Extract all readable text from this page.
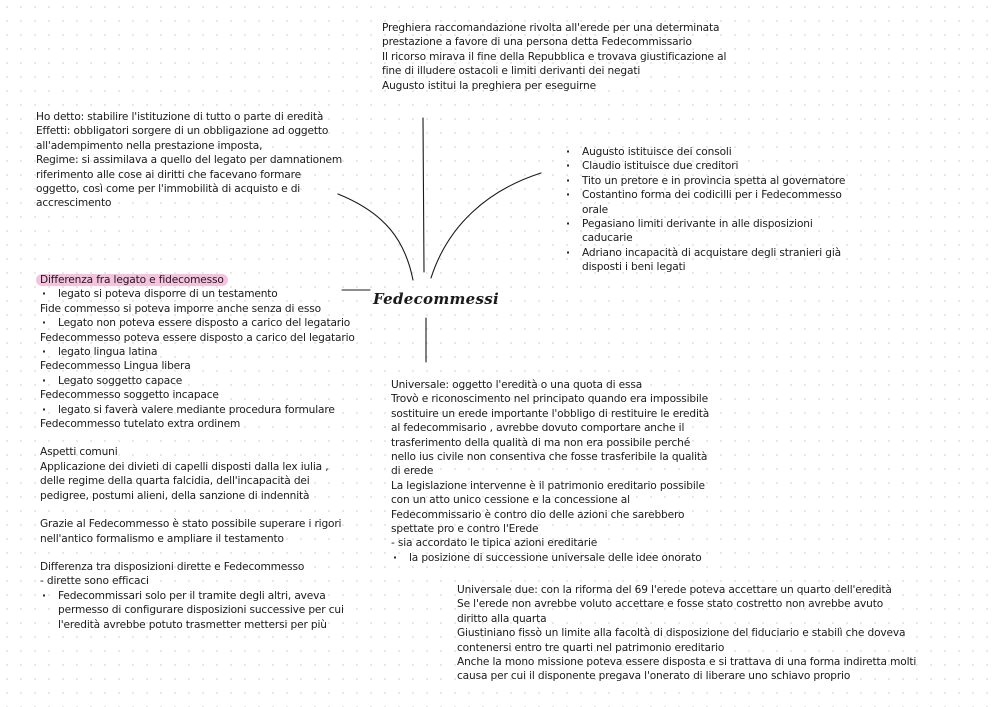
Fedecommessi
Preghiera raccomandazione rivolta all'erede per una determinata
prestazione a favore di una persona detta Fedecommissario
Il ricorso mirava il fine della Repubblica e trovava giustificazione al
fine di illudere ostacoli e limiti derivanti dei negati
Augusto istitui la preghiera per eseguirne
Ho detto: stabilire l'istituzione di tutto o parte di eredità
Effetti: obbligatori sorgere di un obbligazione ad oggetto
all'adempimento nella prestazione imposta,
Regime: si assimilava a quello del legato per damnationem
riferimento alle cose ai diritti che facevano formare
oggetto, così come per l'immobilità di acquisto e di
accrescimento
· Augusto istituisce dei consoli
· Claudio istituisce due creditori
· Tito un pretore e in provincia spetta al governatore
· Costantino forma dei codicilli per i Fedecommesso
orale
· Pegasiano limiti derivante in alle disposizioni
caducarie
· Adriano incapacità di acquistare degli stranieri già
disposti i beni legati
Differenza fra legato e fidecomesso
· legato si poteva disporre di un testamento
Fide commesso si poteva imporre anche senza di esso
· Legato non poteva essere disposto a carico del legatario
Fedecommesso poteva essere disposto a carico del legatario
· legato lingua latina
Fedecommesso Lingua libera
· Legato soggetto capace
Fedecommesso soggetto incapace
· legato si faverà valere mediante procedura formulare
Fedecommesso tutelato extra ordinem
Aspetti comuni
Applicazione dei divieti di capelli disposti dalla lex iulia ,
delle regime della quarta falcidia, dell'incapacità dei
pedigree, postumi alieni, della sanzione di indennità
Grazie al Fedecommesso è stato possibile superare i rigori
nell'antico formalismo e ampliare il testamento
Differenza tra disposizioni dirette e Fedecommesso
- dirette sono efficaci
· Fedecommissari solo per il tramite degli altri, aveva
permesso di configurare disposizioni successive per cui
l'eredità avrebbe potuto trasmetter mettersi per più
Universale: oggetto l'eredità o una quota di essa
Trovò e riconoscimento nel principato quando era impossibile
sostituire un erede importante l'obbligo di restituire le eredità
al fedecommisario , avrebbe dovuto comportare anche il
trasferimento della qualità di ma non era possibile perché
nello ius civile non consentiva che fosse trasferibile la qualità
di erede
La legislazione intervenne è il patrimonio ereditario possibile
con un atto unico cessione e la concessione al
Fedecommissario è contro dio delle azioni che sarebbero
spettate pro e contro l'Erede
- sia accordato le tipica azioni ereditarie
· la posizione di successione universale delle idee onorato
Universale due: con la riforma del 69 l'erede poteva accettare un quarto dell'eredità
Se l'erede non avrebbe voluto accettare e fosse stato costretto non avrebbe avuto
diritto alla quarta
Giustiniano fissò un limite alla facoltà di disposizione del fiduciario e stabilì che doveva
contenersi entro tre quarti nel patrimonio ereditario
Anche la mono missione poteva essere disposta e si trattava di una forma indiretta molti
causa per cui il disponente pregava l'onerato di liberare uno schiavo proprio
